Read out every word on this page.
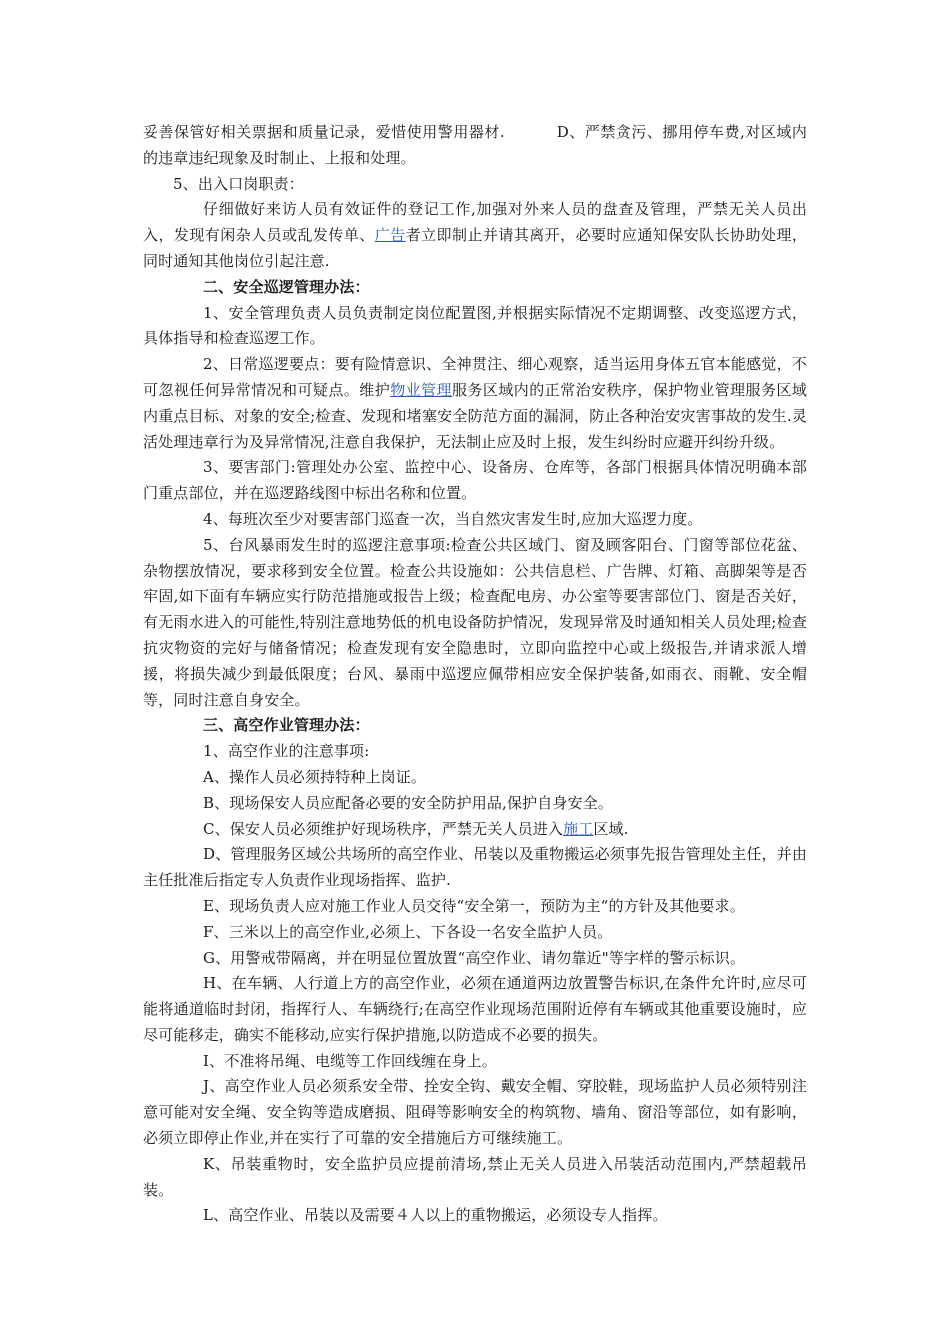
妥善保管好相关票据和质量记录，爱惜使用警用器材.	D、严禁贪污、挪用停车费,对区域内的违章违纪现象及时制止、上报和处理。

5、出入口岗职责：

仔细做好来访人员有效证件的登记工作,加强对外来人员的盘查及管理，严禁无关人员出入，发现有闲杂人员或乱发传单、广告者立即制止并请其离开，必要时应通知保安队长协助处理，同时通知其他岗位引起注意.

二、安全巡逻管理办法：

1、安全管理负责人员负责制定岗位配置图,并根据实际情况不定期调整、改变巡逻方式，具体指导和检查巡逻工作。

2、日常巡逻要点：要有险情意识、全神贯注、细心观察，适当运用身体五官本能感觉，不可忽视任何异常情况和可疑点。维护物业管理服务区域内的正常治安秩序，保护物业管理服务区域内重点目标、对象的安全;检查、发现和堵塞安全防范方面的漏洞，防止各种治安灾害事故的发生.灵活处理违章行为及异常情况,注意自我保护，无法制止应及时上报，发生纠纷时应避开纠纷升级。

3、要害部门:管理处办公室、监控中心、设备房、仓库等，各部门根据具体情况明确本部门重点部位，并在巡逻路线图中标出名称和位置。

4、每班次至少对要害部门巡查一次，当自然灾害发生时,应加大巡逻力度。

5、台风暴雨发生时的巡逻注意事项:检查公共区域门、窗及顾客阳台、门窗等部位花盆、杂物摆放情况，要求移到安全位置。检查公共设施如：公共信息栏、广告牌、灯箱、高脚架等是否牢固,如下面有车辆应实行防范措施或报告上级；检查配电房、办公室等要害部位门、窗是否关好，有无雨水进入的可能性,特别注意地势低的机电设备防护情况，发现异常及时通知相关人员处理;检查抗灾物资的完好与储备情况；检查发现有安全隐患时，立即向监控中心或上级报告,并请求派人增援，将损失减少到最低限度；台风、暴雨中巡逻应佩带相应安全保护装备,如雨衣、雨靴、安全帽等，同时注意自身安全。

三、高空作业管理办法：

1、高空作业的注意事项:

A、操作人员必须持特种上岗证。

B、现场保安人员应配备必要的安全防护用品,保护自身安全。

C、保安人员必须维护好现场秩序，严禁无关人员进入施工区域.

D、管理服务区域公共场所的高空作业、吊装以及重物搬运必须事先报告管理处主任，并由主任批准后指定专人负责作业现场指挥、监护.

E、现场负责人应对施工作业人员交待“安全第一，预防为主“的方针及其他要求。

F、三米以上的高空作业,必须上、下各设一名安全监护人员。

G、用警戒带隔离，并在明显位置放置“高空作业、请勿靠近"等字样的警示标识。

H、在车辆、人行道上方的高空作业，必须在通道两边放置警告标识,在条件允许时,应尽可能将通道临时封闭，指挥行人、车辆绕行;在高空作业现场范围附近停有车辆或其他重要设施时，应尽可能移走，确实不能移动,应实行保护措施,以防造成不必要的损失。

I、不准将吊绳、电缆等工作回线缠在身上。

J、高空作业人员必须系安全带、拴安全钩、戴安全帽、穿胶鞋，现场监护人员必须特别注意可能对安全绳、安全钩等造成磨损、阻碍等影响安全的构筑物、墙角、窗沿等部位，如有影响，必须立即停止作业,并在实行了可靠的安全措施后方可继续施工。

K、吊装重物时，安全监护员应提前清场,禁止无关人员进入吊装活动范围内,严禁超载吊装。

L、高空作业、吊装以及需要４人以上的重物搬运，必须设专人指挥。
